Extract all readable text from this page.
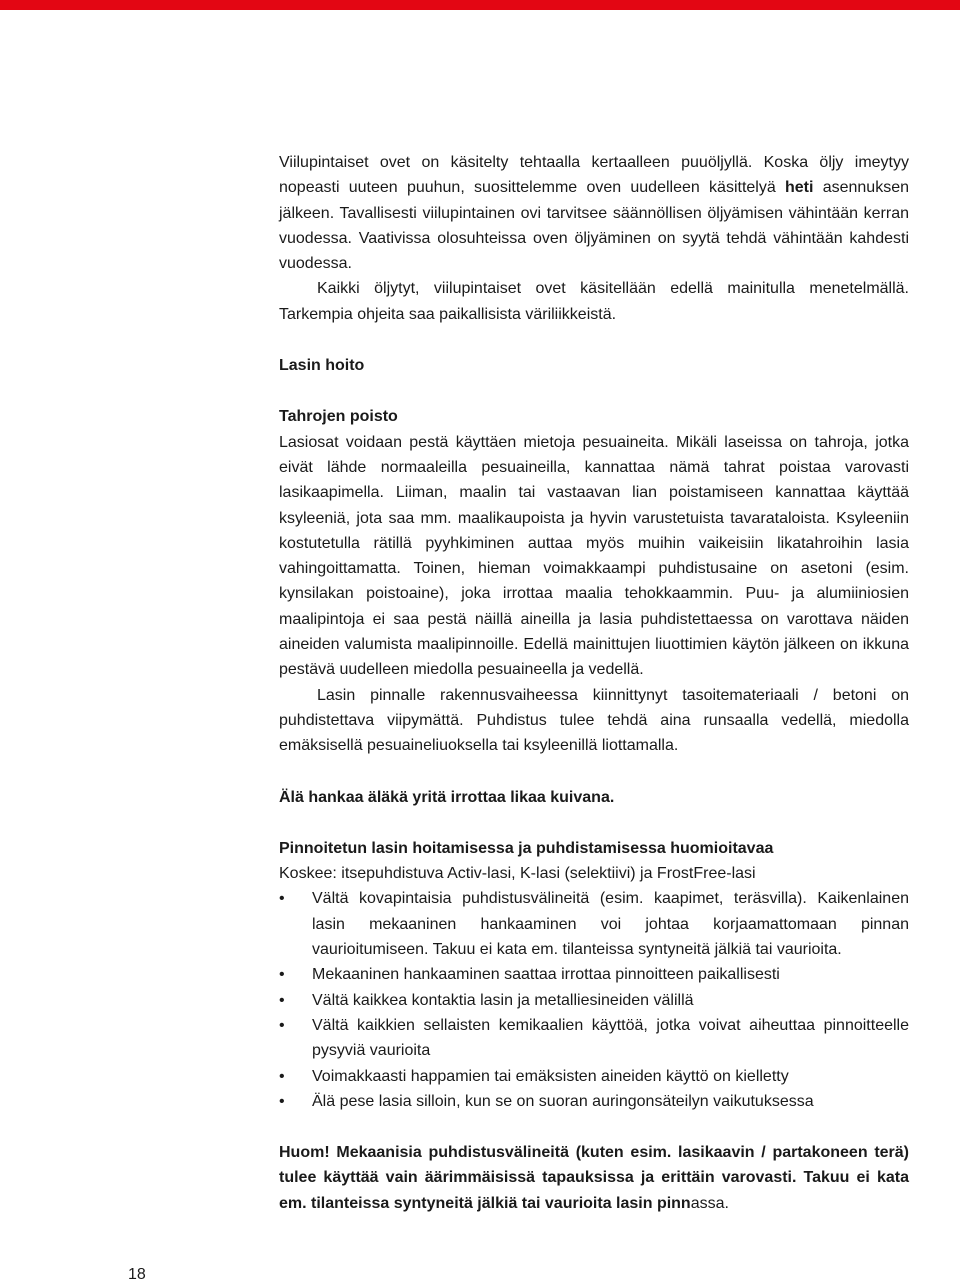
Viilupintaiset ovet on käsitelty tehtaalla kertaalleen puuöljyllä. Koska öljy imeytyy nopeasti uuteen puuhun, suosittelemme oven uudelleen käsittelyä heti asennuksen jälkeen. Tavallisesti viilupintainen ovi tarvitsee säännöllisen öljyämisen vähintään kerran vuodessa. Vaativissa olosuhteissa oven öljyäminen on syytä tehdä vähintään kahdesti vuodessa.

Kaikki öljytyt, viilupintaiset ovet käsitellään edellä mainitulla menetelmällä. Tarkempia ohjeita saa paikallisista väriliikkeistä.

Lasin hoito

Tahrojen poisto

Lasiosat voidaan pestä käyttäen mietoja pesuaineita. Mikäli laseissa on tahroja, jotka eivät lähde normaaleilla pesuaineilla, kannattaa nämä tahrat poistaa varovasti lasikaapimella. Liiman, maalin tai vastaavan lian poistamiseen kannattaa käyttää ksyleeniä, jota saa mm. maalikaupoista ja hyvin varustetuista tavarataloista. Ksyleeniin kostutetulla rätillä pyyhkiminen auttaa myös muihin vaikeisiin likatahroihin lasia vahingoittamatta. Toinen, hieman voimakkaampi puhdistusaine on asetoni (esim. kynsilakan poistoaine), joka irrottaa maalia tehokkaammin. Puu- ja alumiiniosien maalipintoja ei saa pestä näillä aineilla ja lasia puhdistettaessa on varottava näiden aineiden valumista maalipinnoille. Edellä mainittujen liuottimien käytön jälkeen on ikkuna pestävä uudelleen miedolla pesuaineella ja vedellä.

Lasin pinnalle rakennusvaiheessa kiinnittynyt tasoitemateriaali / betoni on puhdistettava viipymättä. Puhdistus tulee tehdä aina runsaalla vedellä, miedolla emäksisellä pesuaineliuoksella tai ksyleenillä liottamalla.

Älä hankaa äläkä yritä irrottaa likaa kuivana.

Pinnoitetun lasin hoitamisessa ja puhdistamisessa huomioitavaa

Koskee: itsepuhdistuva Activ-lasi, K-lasi (selektiivi) ja FrostFree-lasi

• Vältä kovapintaisia puhdistusvälineitä (esim. kaapimet, teräsvilla). Kaikenlainen lasin mekaaninen hankaaminen voi johtaa korjaamattomaan pinnan vaurioitumiseen. Takuu ei kata em. tilanteissa syntyneitä jälkiä tai vaurioita.
• Mekaaninen hankaaminen saattaa irrottaa pinnoitteen paikallisesti
• Vältä kaikkea kontaktia lasin ja metalliesineiden välillä
• Vältä kaikkien sellaisten kemikaalien käyttöä, jotka voivat aiheuttaa pinnoitteelle pysyviä vaurioita
• Voimakkaasti happamien tai emäksisten aineiden käyttö on kielletty
• Älä pese lasia silloin, kun se on suoran auringonsäteilyn vaikutuksessa

Huom! Mekaanisia puhdistusvälineitä (kuten esim. lasikaavin / partakoneen terä) tulee käyttää vain äärimmäisissä tapauksissa ja erittäin varovasti. Takuu ei kata em. tilanteissa syntyneitä jälkiä tai vaurioita lasin pinnassa.

18
